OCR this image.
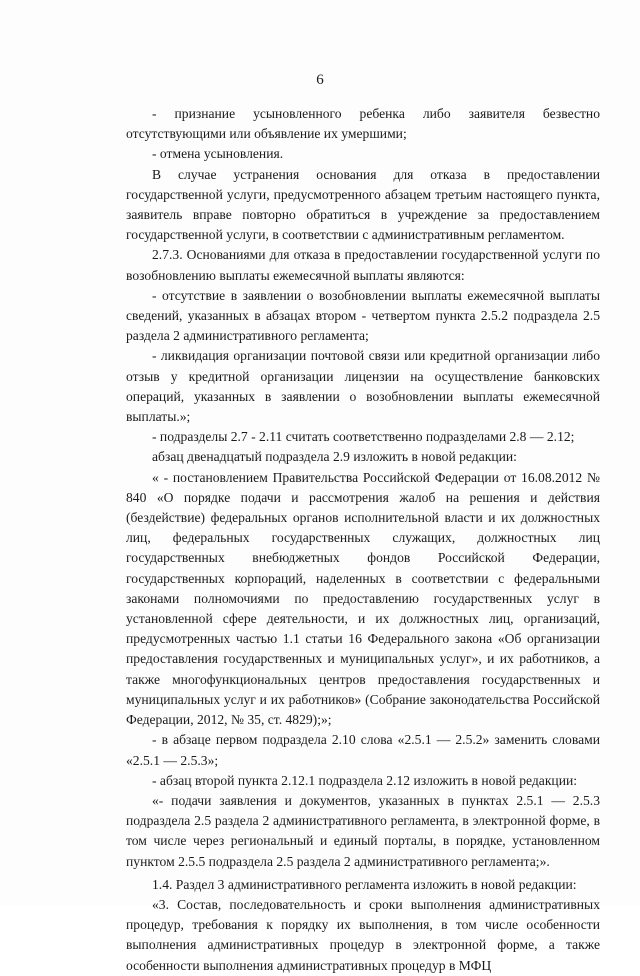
6

- признание усыновленного ребенка либо заявителя безвестно отсутствующими или объявление их умершими;

- отмена усыновления.

В случае устранения основания для отказа в предоставлении государственной услуги, предусмотренного абзацем третьим настоящего пункта, заявитель вправе повторно обратиться в учреждение за предоставлением государственной услуги, в соответствии с административным регламентом.

2.7.3. Основаниями для отказа в предоставлении государственной услуги по возобновлению выплаты ежемесячной выплаты являются:

- отсутствие в заявлении о возобновлении выплаты ежемесячной выплаты сведений, указанных в абзацах втором - четвертом пункта 2.5.2 подраздела 2.5 раздела 2 административного регламента;

- ликвидация организации почтовой связи или кредитной организации либо отзыв у кредитной организации лицензии на осуществление банковских операций, указанных в заявлении о возобновлении выплаты ежемесячной выплаты.»;

- подразделы 2.7 - 2.11 считать соответственно подразделами 2.8 — 2.12;

абзац двенадцатый подраздела 2.9 изложить в новой редакции:

« - постановлением Правительства Российской Федерации от 16.08.2012 № 840 «О порядке подачи и рассмотрения жалоб на решения и действия (бездействие) федеральных органов исполнительной власти и их должностных лиц, федеральных государственных служащих, должностных лиц государственных внебюджетных фондов Российской Федерации, государственных корпораций, наделенных в соответствии с федеральными законами полномочиями по предоставлению государственных услуг в установленной сфере деятельности, и их должностных лиц, организаций, предусмотренных частью 1.1 статьи 16 Федерального закона «Об организации предоставления государственных и муниципальных услуг», и их работников, а также многофункциональных центров предоставления государственных и муниципальных услуг и их работников» (Собрание законодательства Российской Федерации, 2012, № 35, ст. 4829);»;

- в абзаце первом подраздела 2.10 слова «2.5.1 — 2.5.2» заменить словами «2.5.1 — 2.5.3»;

- абзац второй пункта 2.12.1 подраздела 2.12 изложить в новой редакции:

«- подачи заявления и документов, указанных в пунктах 2.5.1 — 2.5.3 подраздела 2.5 раздела 2 административного регламента, в электронной форме, в том числе через региональный и единый порталы, в порядке, установленном пунктом 2.5.5 подраздела 2.5 раздела 2 административного регламента;».

1.4. Раздел 3 административного регламента изложить в новой редакции:

«3. Состав, последовательность и сроки выполнения административных процедур, требования к порядку их выполнения, в том числе особенности выполнения административных процедур в электронной форме, а также особенности выполнения административных процедур в МФЦ
